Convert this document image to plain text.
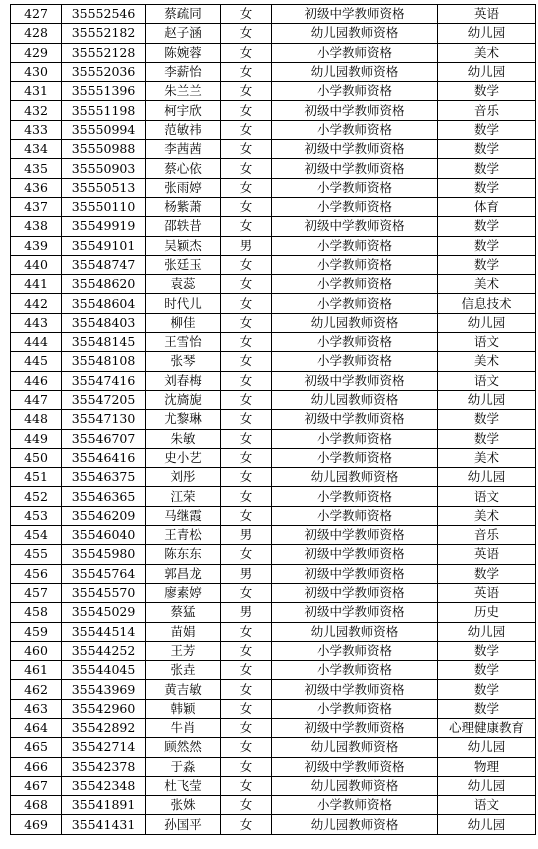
427	35552546	蔡疏同	女	初级中学教师资格	英语
428	35552182	赵子涵	女	幼儿园教师资格	幼儿园
429	35552128	陈婉蓉	女	小学教师资格	美术
430	35552036	李薪怡	女	幼儿园教师资格	幼儿园
431	35551396	朱兰兰	女	小学教师资格	数学
432	35551198	柯宇欣	女	初级中学教师资格	音乐
433	35550994	范敏祎	女	小学教师资格	数学
434	35550988	李茜茜	女	初级中学教师资格	数学
435	35550903	蔡心依	女	初级中学教师资格	数学
436	35550513	张雨婷	女	小学教师资格	数学
437	35550110	杨紫萧	女	小学教师资格	体育
438	35549919	邵轶昔	女	初级中学教师资格	数学
439	35549101	吴颖杰	男	小学教师资格	数学
440	35548747	张廷玉	女	小学教师资格	数学
441	35548620	袁蕊	女	小学教师资格	美术
442	35548604	时代儿	女	小学教师资格	信息技术
443	35548403	柳佳	女	幼儿园教师资格	幼儿园
444	35548145	王雪怡	女	小学教师资格	语文
445	35548108	张琴	女	小学教师资格	美术
446	35547416	刘春梅	女	初级中学教师资格	语文
447	35547205	沈旖旎	女	幼儿园教师资格	幼儿园
448	35547130	尤黎琳	女	初级中学教师资格	数学
449	35546707	朱敏	女	小学教师资格	数学
450	35546416	史小艺	女	小学教师资格	美术
451	35546375	刘彤	女	幼儿园教师资格	幼儿园
452	35546365	江荣	女	小学教师资格	语文
453	35546209	马继霞	女	小学教师资格	美术
454	35546040	王青松	男	初级中学教师资格	音乐
455	35545980	陈东东	女	初级中学教师资格	英语
456	35545764	郭昌龙	男	初级中学教师资格	数学
457	35545570	廖素婷	女	初级中学教师资格	英语
458	35545029	蔡猛	男	初级中学教师资格	历史
459	35544514	苗娟	女	幼儿园教师资格	幼儿园
460	35544252	王芳	女	小学教师资格	数学
461	35544045	张垚	女	小学教师资格	数学
462	35543969	黄吉敏	女	初级中学教师资格	数学
463	35542960	韩颖	女	小学教师资格	数学
464	35542892	牛肖	女	初级中学教师资格	心理健康教育
465	35542714	顾然然	女	幼儿园教师资格	幼儿园
466	35542378	于淼	女	初级中学教师资格	物理
467	35542348	杜飞莹	女	幼儿园教师资格	幼儿园
468	35541891	张姝	女	小学教师资格	语文
469	35541431	孙国平	女	幼儿园教师资格	幼儿园
